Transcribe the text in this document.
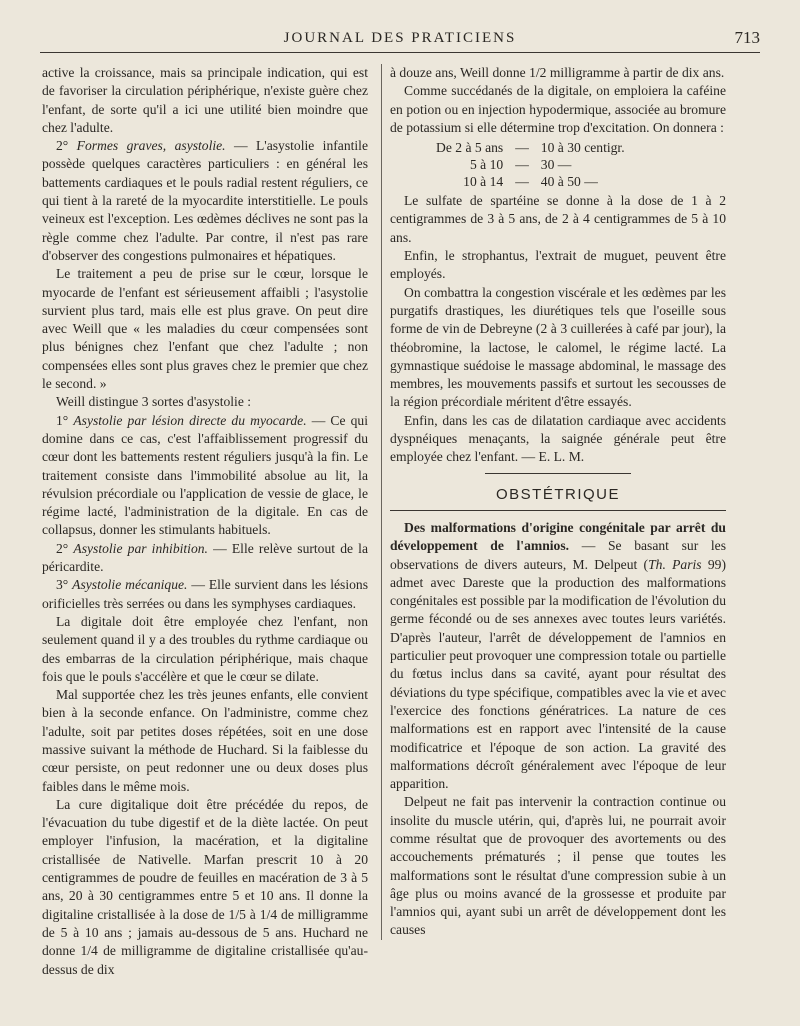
JOURNAL DES PRATICIENS	713

active la croissance, mais sa principale indication, qui est de favoriser la circulation périphérique, n'existe guère chez l'enfant, de sorte qu'il a ici une utilité bien moindre que chez l'adulte.

2° Formes graves, asystolie. — L'asystolie infantile possède quelques caractères particuliers : en général les battements cardiaques et le pouls radial restent réguliers, ce qui tient à la rareté de la myocardite interstitielle. Le pouls veineux est l'exception. Les œdèmes déclives ne sont pas la règle comme chez l'adulte. Par contre, il n'est pas rare d'observer des congestions pulmonaires et hépatiques.

Le traitement a peu de prise sur le cœur, lorsque le myocarde de l'enfant est sérieusement affaibli ; l'asystolie survient plus tard, mais elle est plus grave. On peut dire avec Weill que « les maladies du cœur compensées sont plus bénignes chez l'enfant que chez l'adulte ; non compensées elles sont plus graves chez le premier que chez le second. »

Weill distingue 3 sortes d'asystolie :

1° Asystolie par lésion directe du myocarde. — Ce qui domine dans ce cas, c'est l'affaiblissement progressif du cœur dont les battements restent réguliers jusqu'à la fin. Le traitement consiste dans l'immobilité absolue au lit, la révulsion précordiale ou l'application de vessie de glace, le régime lacté, l'administration de la digitale. En cas de collapsus, donner les stimulants habituels.

2° Asystolie par inhibition. — Elle relève surtout de la péricardite.

3° Asystolie mécanique. — Elle survient dans les lésions orificielles très serrées ou dans les symphyses cardiaques.

La digitale doit être employée chez l'enfant, non seulement quand il y a des troubles du rythme cardiaque ou des embarras de la circulation périphérique, mais chaque fois que le pouls s'accélère et que le cœur se dilate.

Mal supportée chez les très jeunes enfants, elle convient bien à la seconde enfance. On l'administre, comme chez l'adulte, soit par petites doses répétées, soit en une dose massive suivant la méthode de Huchard. Si la faiblesse du cœur persiste, on peut redonner une ou deux doses plus faibles dans le même mois.

La cure digitalique doit être précédée du repos, de l'évacuation du tube digestif et de la diète lactée. On peut employer l'infusion, la macération, et la digitaline cristallisée de Nativelle. Marfan prescrit 10 à 20 centigrammes de poudre de feuilles en macération de 3 à 5 ans, 20 à 30 centigrammes entre 5 et 10 ans. Il donne la digitaline cristallisée à la dose de 1/5 à 1/4 de milligramme de 5 à 10 ans ; jamais au-dessous de 5 ans. Huchard ne donne 1/4 de milligramme de digitaline cristallisée qu'au-dessus de dix

à douze ans, Weill donne 1/2 milligramme à partir de dix ans.

Comme succédanés de la digitale, on emploiera la caféine en potion ou en injection hypodermique, associée au bromure de potassium si elle détermine trop d'excitation. On donnera :

De 2 à 5 ans	—	10 à 30 centigr.
5 à 10	—	30 —
10 à 14	—	40 à 50 —

Le sulfate de spartéine se donne à la dose de 1 à 2 centigrammes de 3 à 5 ans, de 2 à 4 centigrammes de 5 à 10 ans.

Enfin, le strophantus, l'extrait de muguet, peuvent être employés.

On combattra la congestion viscérale et les œdèmes par les purgatifs drastiques, les diurétiques tels que l'oseille sous forme de vin de Debreyne (2 à 3 cuillerées à café par jour), la théobromine, la lactose, le calomel, le régime lacté. La gymnastique suédoise le massage abdominal, le massage des membres, les mouvements passifs et surtout les secousses de la région précordiale méritent d'être essayés.

Enfin, dans les cas de dilatation cardiaque avec accidents dyspnéiques menaçants, la saignée générale peut être employée chez l'enfant. — E. L. M.

OBSTÉTRIQUE

Des malformations d'origine congénitale par arrêt du développement de l'amnios. — Se basant sur les observations de divers auteurs, M. Delpeut (Th. Paris 99) admet avec Dareste que la production des malformations congénitales est possible par la modification de l'évolution du germe fécondé ou de ses annexes avec toutes leurs variétés. D'après l'auteur, l'arrêt de développement de l'amnios en particulier peut provoquer une compression totale ou partielle du fœtus inclus dans sa cavité, ayant pour résultat des déviations du type spécifique, compatibles avec la vie et avec l'exercice des fonctions génératrices. La nature de ces malformations est en rapport avec l'intensité de la cause modificatrice et l'époque de son action. La gravité des malformations décroît généralement avec l'époque de leur apparition.

Delpeut ne fait pas intervenir la contraction continue ou insolite du muscle utérin, qui, d'après lui, ne pourrait avoir comme résultat que de provoquer des avortements ou des accouchements prématurés ; il pense que toutes les malformations sont le résultat d'une compression subie à un âge plus ou moins avancé de la grossesse et produite par l'amnios qui, ayant subi un arrêt de développement dont les causes
